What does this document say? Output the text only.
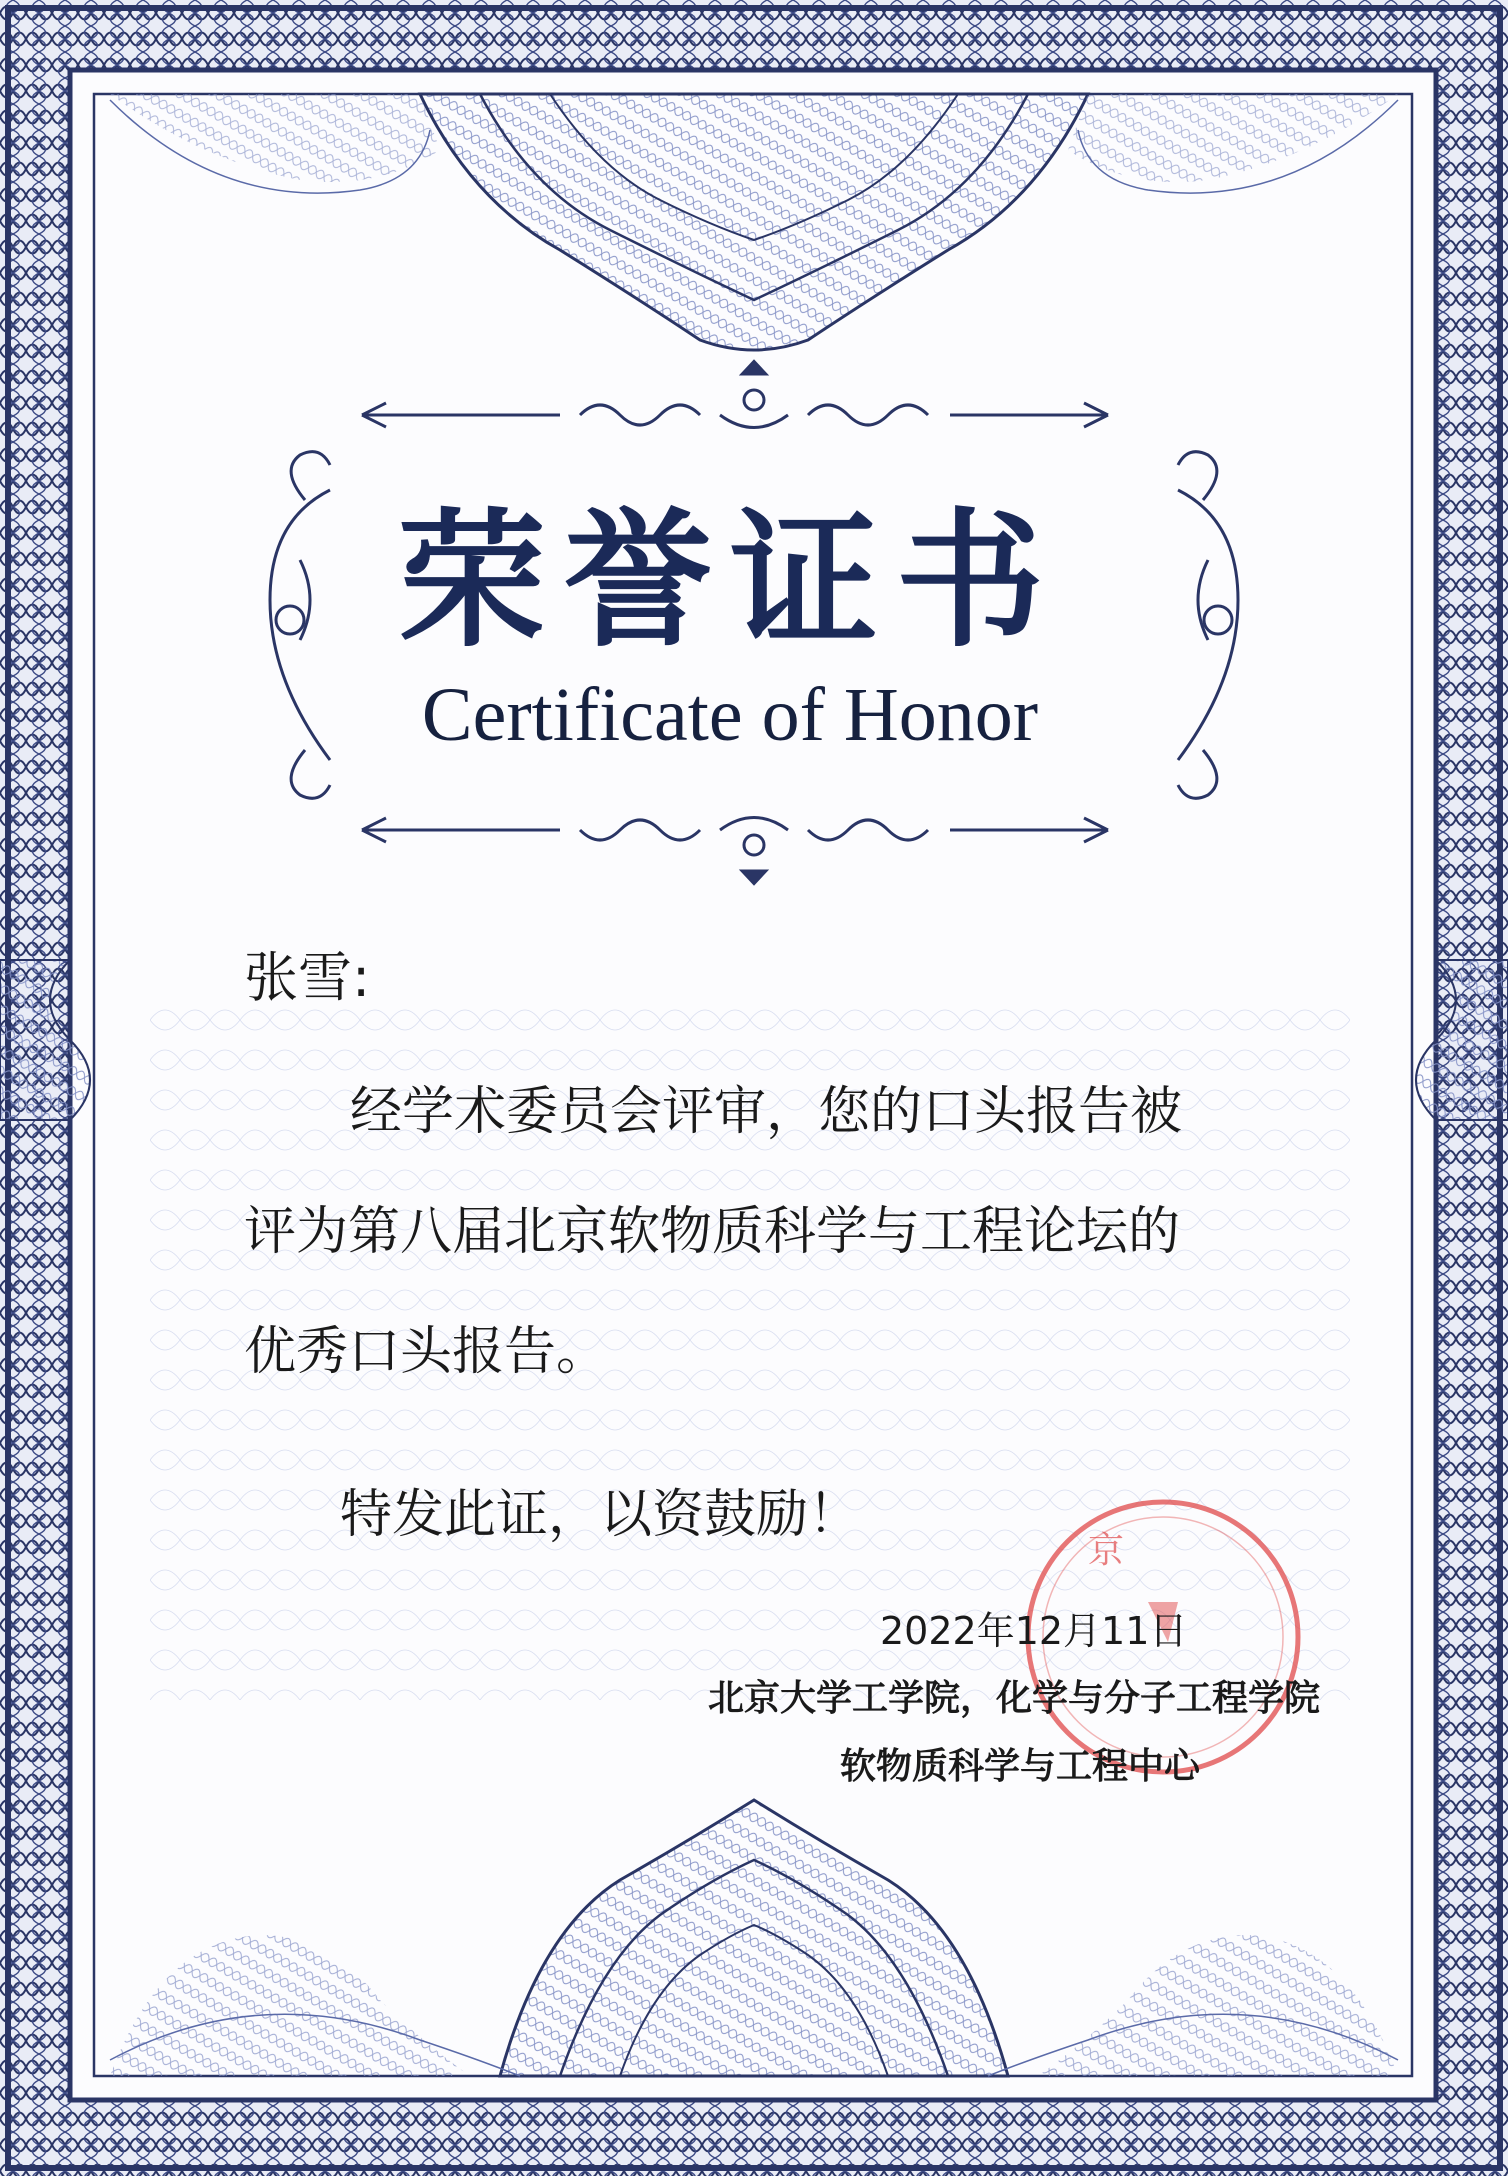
京
荣誉证书
Certificate of Honor
张雪:
经学术委员会评审，您的口头报告被
评为第八届北京软物质科学与工程论坛的
优秀口头报告。
特发此证，以资鼓励！
2022年12月11日
北京大学工学院，化学与分子工程学院
软物质科学与工程中心
